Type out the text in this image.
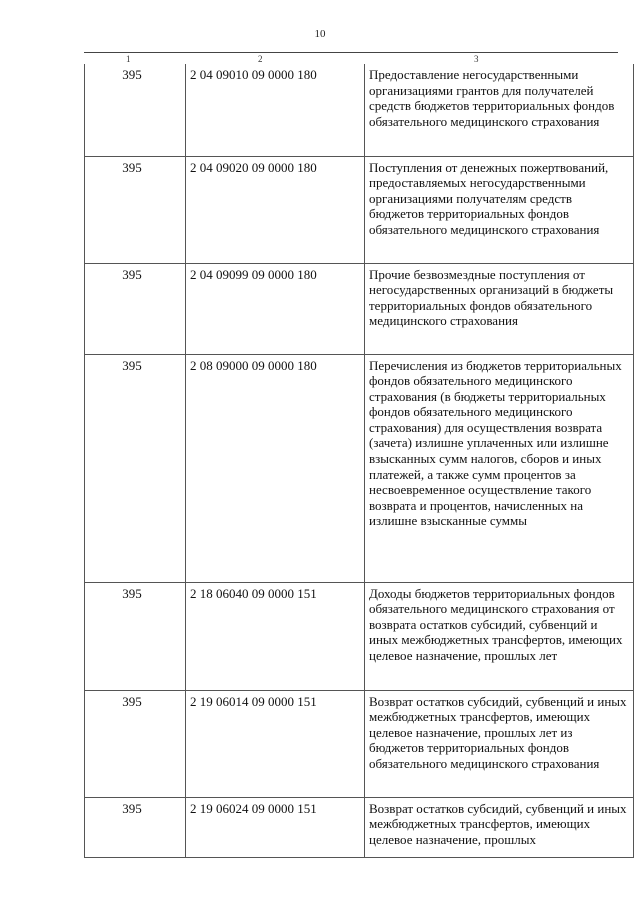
10
1	2	3
395	2 04 09010 09 0000 180	Предоставление негосударственными организациями грантов для получателей средств бюджетов территориальных фондов обязательного медицинского страхования
395	2 04 09020 09 0000 180	Поступления от денежных пожертвований, предоставляемых негосударственными организациями получателям средств бюджетов территориальных фондов обязательного медицинского страхования
395	2 04 09099 09 0000 180	Прочие безвозмездные поступления от негосударственных организаций в бюджеты территориальных фондов обязательного медицинского страхования
395	2 08 09000 09 0000 180	Перечисления из бюджетов территориальных фондов обязательного медицинского страхования (в бюджеты территориальных фондов обязательного медицинского страхования) для осуществления возврата (зачета) излишне уплаченных или излишне взысканных сумм налогов, сборов и иных платежей, а также сумм процентов за несвоевременное осуществление такого возврата и процентов, начисленных на излишне взысканные суммы
395	2 18 06040 09 0000 151	Доходы бюджетов территориальных фондов обязательного медицинского страхования от возврата остатков субсидий, субвенций и иных межбюджетных трансфертов, имеющих целевое назначение, прошлых лет
395	2 19 06014 09 0000 151	Возврат остатков субсидий, субвенций и иных межбюджетных трансфертов, имеющих целевое назначение, прошлых лет из бюджетов территориальных фондов обязательного медицинского страхования
395	2 19 06024 09 0000 151	Возврат остатков субсидий, субвенций и иных межбюджетных трансфертов, имеющих целевое назначение, прошлых
